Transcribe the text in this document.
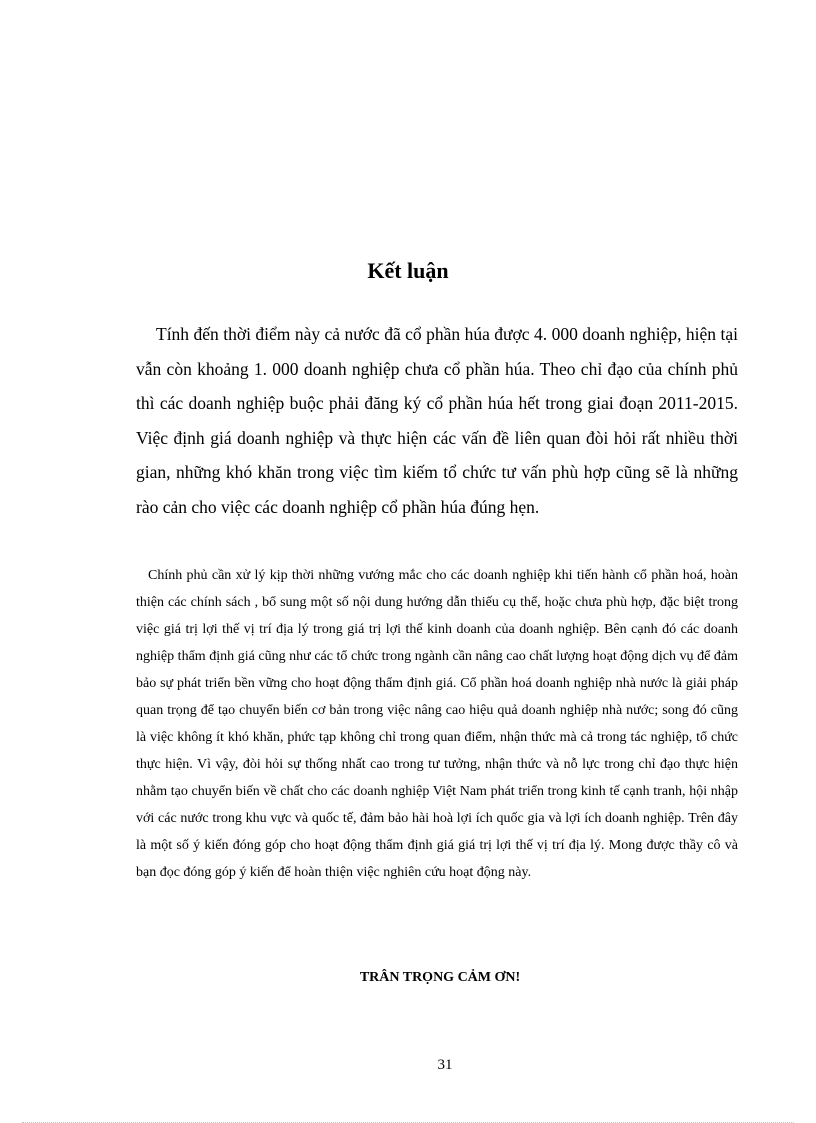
Kết luận

Tính đến thời điểm này cả nước đã cổ phần húa được 4. 000 doanh nghiệp, hiện tại vẫn còn khoảng 1. 000 doanh nghiệp chưa cổ phần húa. Theo chỉ đạo của chính phủ thì các doanh nghiệp buộc phải đăng ký cổ phần húa hết trong giai đoạn 2011-2015. Việc định giá doanh nghiệp và thực hiện các vấn đề liên quan đòi hỏi rất nhiều thời gian, những khó khăn trong việc tìm kiếm tổ chức tư vấn phù hợp cũng sẽ là những rào cản cho việc các doanh nghiệp cổ phần húa đúng hẹn.

Chính phủ cần xử lý kịp thời những vướng mắc cho các doanh nghiệp khi tiến hành cổ phần hoá, hoàn thiện các chính sách , bổ sung một số nội dung hướng dẫn thiếu cụ thể, hoặc chưa phù hợp, đặc biệt trong việc giá trị lợi thế vị trí địa lý trong giá trị lợi thế kinh doanh của doanh nghiệp. Bên cạnh đó các doanh nghiệp thẩm định giá cũng như các tổ chức trong ngành cần nâng cao chất lượng hoạt động dịch vụ để đảm bảo sự phát triển bền vững cho hoạt động thẩm định giá. Cổ phần hoá doanh nghiệp nhà nước là giải pháp quan trọng để tạo chuyển biến cơ bản trong việc nâng cao hiệu quả doanh nghiệp nhà nước; song đó cũng là việc không ít khó khăn, phức tạp không chỉ trong quan điểm, nhận thức mà cả trong tác nghiệp, tổ chức thực hiện. Vì vậy, đòi hỏi sự thống nhất cao trong tư tưởng, nhận thức và nỗ lực trong chỉ đạo thực hiện nhằm tạo chuyển biến về chất cho các doanh nghiệp Việt Nam phát triển trong kinh tế cạnh tranh, hội nhập với các nước trong khu vực và quốc tế, đảm bảo hài hoà lợi ích quốc gia và lợi ích doanh nghiệp. Trên đây là một số ý kiến đóng góp cho hoạt động thẩm định giá giá trị lợi thế vị trí địa lý. Mong được thầy cô và bạn đọc đóng góp ý kiến để hoàn thiện việc nghiên cứu hoạt động này.

TRÂN TRỌNG CẢM ƠN!

31
